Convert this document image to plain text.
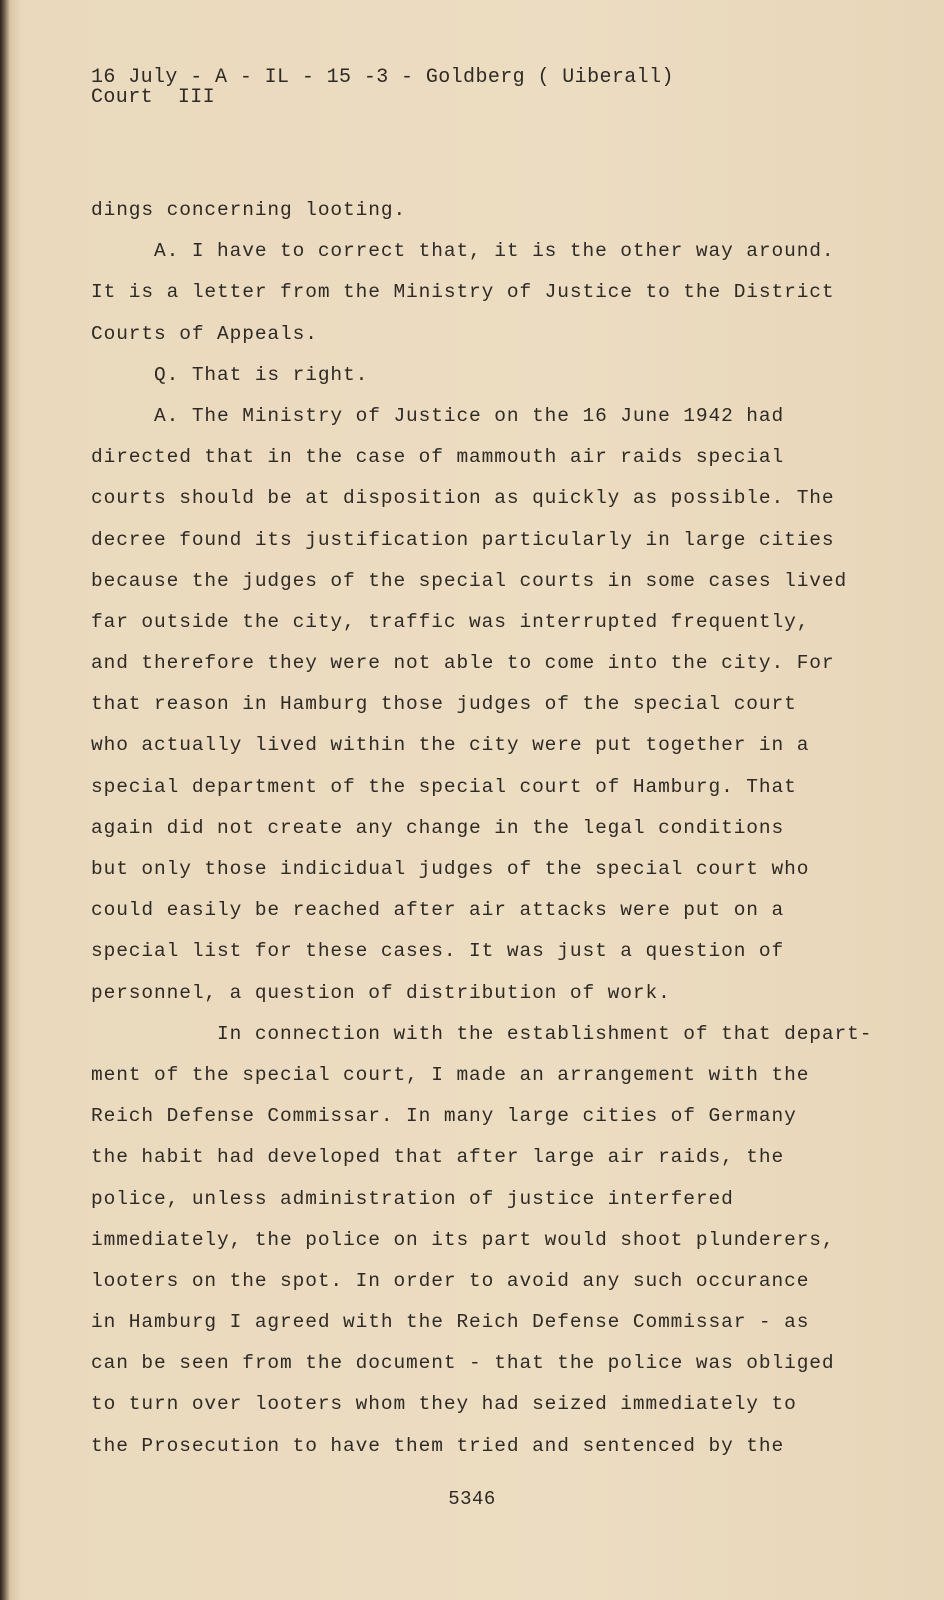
16 July - A - IL - 15 -3 - Goldberg ( Uiberall)
Court  III
dings concerning looting.
A. I have to correct that, it is the other way around.
It is a letter from the Ministry of Justice to the District
Courts of Appeals.
Q. That is right.
A. The Ministry of Justice on the 16 June 1942 had
directed that in the case of mammouth air raids special
courts should be at disposition as quickly as possible. The
decree found its justification particularly in large cities
because the judges of the special courts in some cases lived
far outside the city, traffic was interrupted frequently,
and therefore they were not able to come into the city. For
that reason in Hamburg those judges of the special court
who actually lived within the city were put together in a
special department of the special court of Hamburg. That
again did not create any change in the legal conditions
but only those indicidual judges of the special court who
could easily be reached after air attacks were put on a
special list for these cases. It was just a question of
personnel, a question of distribution of work.
In connection with the establishment of that depart-
ment of the special court, I made an arrangement with the
Reich Defense Commissar. In many large cities of Germany
the habit had developed that after large air raids, the
police, unless administration of justice interfered
immediately, the police on its part would shoot plunderers,
looters on the spot. In order to avoid any such occurance
in Hamburg I agreed with the Reich Defense Commissar - as
can be seen from the document - that the police was obliged
to turn over looters whom they had seized immediately to
the Prosecution to have them tried and sentenced by the
5346
